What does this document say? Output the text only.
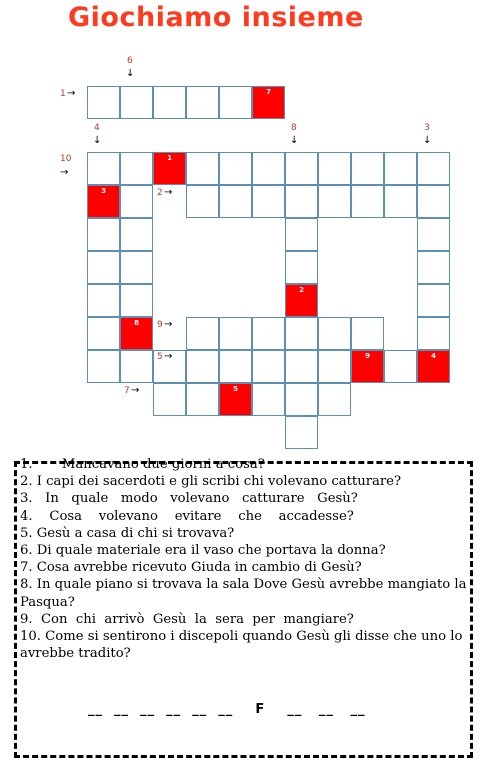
Giochiamo insieme
7
1
3
2
8
9	4
5
1 →
6
↓
4
↓
8
↓
3
↓
10
→
2 →
9 →
5 →
7 →
1.       Mancavano due giorni a cosa?
2. I capi dei sacerdoti e gli scribi chi volevano catturare?
3.   In   quale   modo   volevano   catturare   Gesù?
4.    Cosa    volevano    evitare    che    accadesse?
5. Gesù a casa di chi si trovava?
6. Di quale materiale era il vaso che portava la donna?
7. Cosa avrebbe ricevuto Giuda in cambio di Gesù?
8. In quale piano si trovava la sala Dove Gesù avrebbe mangiato la Pasqua?
9.  Con  chi  arrivò  Gesù  la  sera  per  mangiare?
10. Come si sentirono i discepoli quando Gesù gli disse che uno lo avrebbe tradito?
__  __  __  __  __  __    F    __   __   __
